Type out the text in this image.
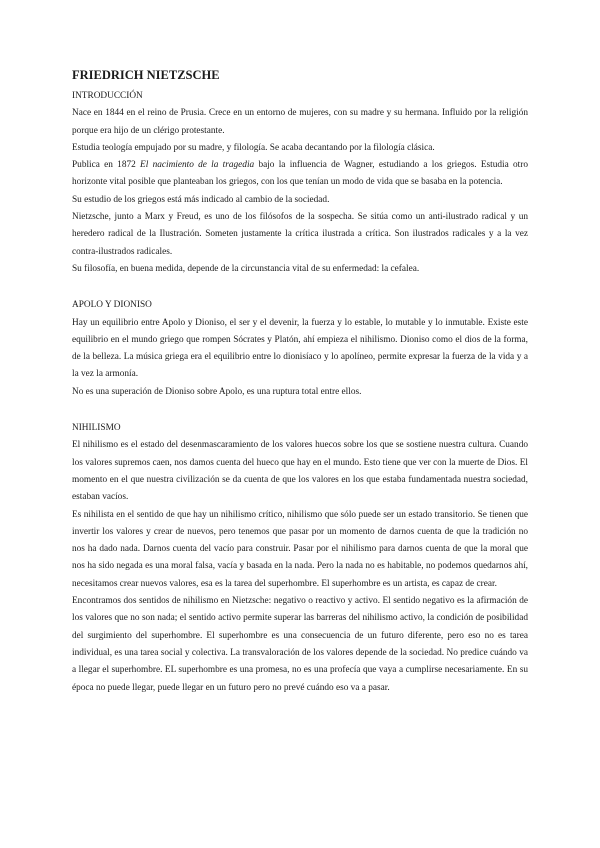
FRIEDRICH NIETZSCHE
INTRODUCCIÓN

Nace en 1844 en el reino de Prusia. Crece en un entorno de mujeres, con su madre y su hermana. Influido por la religión porque era hijo de un clérigo protestante.

Estudia teología empujado por su madre, y filología. Se acaba decantando por la filología clásica.

Publica en 1872 El nacimiento de la tragedia bajo la influencia de Wagner, estudiando a los griegos. Estudia otro horizonte vital posible que planteaban los griegos, con los que tenían un modo de vida que se basaba en la potencia.

Su estudio de los griegos está más indicado al cambio de la sociedad.

Nietzsche, junto a Marx y Freud, es uno de los filósofos de la sospecha. Se sitúa como un anti-ilustrado radical y un heredero radical de la Ilustración. Someten justamente la crítica ilustrada a crítica. Son ilustrados radicales y a la vez contra-ilustrados radicales.

Su filosofía, en buena medida, depende de la circunstancia vital de su enfermedad: la cefalea.

APOLO Y DIONISO

Hay un equilibrio entre Apolo y Dioniso, el ser y el devenir, la fuerza y lo estable, lo mutable y lo inmutable. Existe este equilibrio en el mundo griego que rompen Sócrates y Platón, ahí empieza el nihilismo. Dioniso como el dios de la forma, de la belleza. La música griega era el equilibrio entre lo dionisíaco y lo apolíneo, permite expresar la fuerza de la vida y a la vez la armonía.

No es una superación de Dioniso sobre Apolo, es una ruptura total entre ellos.

NIHILISMO

El nihilismo es el estado del desenmascaramiento de los valores huecos sobre los que se sostiene nuestra cultura. Cuando los valores supremos caen, nos damos cuenta del hueco que hay en el mundo. Esto tiene que ver con la muerte de Dios. El momento en el que nuestra civilización se da cuenta de que los valores en los que estaba fundamentada nuestra sociedad, estaban vacíos.

Es nihilista en el sentido de que hay un nihilismo crítico, nihilismo que sólo puede ser un estado transitorio. Se tienen que invertir los valores y crear de nuevos, pero tenemos que pasar por un momento de darnos cuenta de que la tradición no nos ha dado nada. Darnos cuenta del vacío para construir. Pasar por el nihilismo para darnos cuenta de que la moral que nos ha sido negada es una moral falsa, vacía y basada en la nada. Pero la nada no es habitable, no podemos quedarnos ahí, necesitamos crear nuevos valores, esa es la tarea del superhombre. El superhombre es un artista, es capaz de crear.

Encontramos dos sentidos de nihilismo en Nietzsche: negativo o reactivo y activo. El sentido negativo es la afirmación de los valores que no son nada; el sentido activo permite superar las barreras del nihilismo activo, la condición de posibilidad del surgimiento del superhombre. El superhombre es una consecuencia de un futuro diferente, pero eso no es tarea individual, es una tarea social y colectiva. La transvaloración de los valores depende de la sociedad. No predice cuándo va a llegar el superhombre. EL superhombre es una promesa, no es una profecía que vaya a cumplirse necesariamente. En su época no puede llegar, puede llegar en un futuro pero no prevé cuándo eso va a pasar.
